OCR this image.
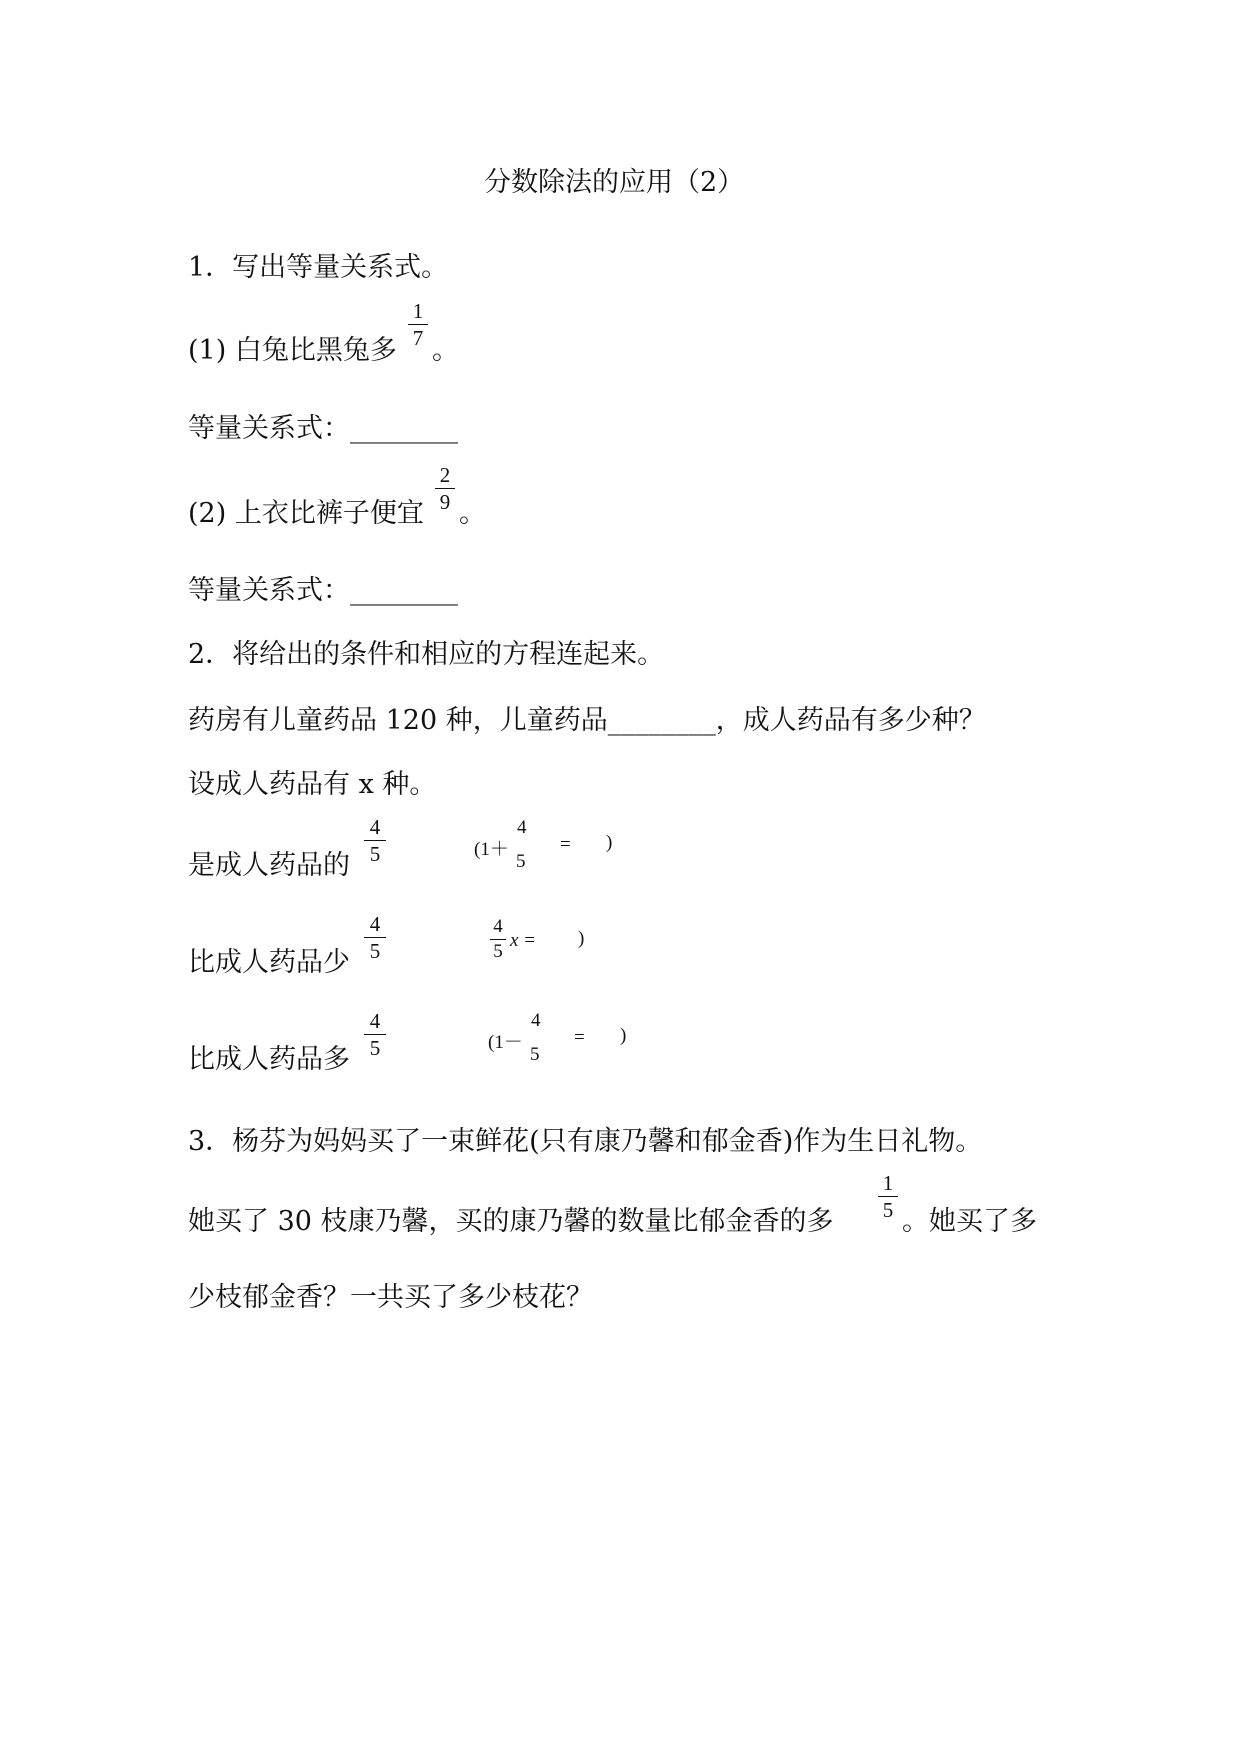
分数除法的应用（2）
1．写出等量关系式。
(1) 白兔比黑兔多
1
7 。
等量关系式：________
(2) 上衣比裤子便宜
2
9 。
等量关系式：________
2．将给出的条件和相应的方程连起来。
药房有儿童药品 120 种，儿童药品________，成人药品有多少种？
设成人药品有 x 种。
是成人药品的
4
5
比成人药品少
4
5
比成人药品多
4
5
(1＋
4
5
= )
4
5
x = )
(1－
4
5
= )
3．杨芬为妈妈买了一束鲜花(只有康乃馨和郁金香)作为生日礼物。
她买了 30 枝康乃馨，买的康乃馨的数量比郁金香的多
1
5 。她买了多
少枝郁金香？一共买了多少枝花？
